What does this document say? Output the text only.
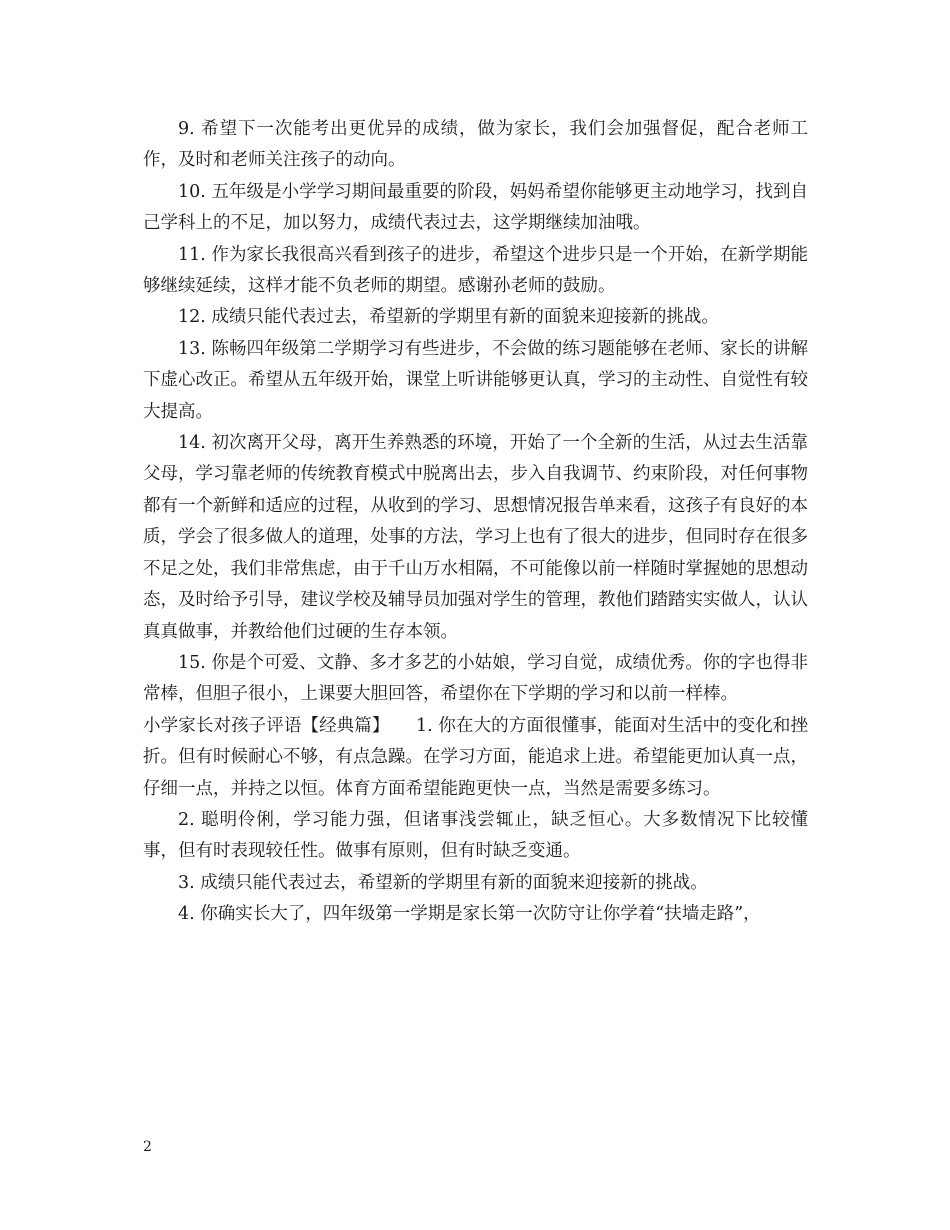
9. 希望下一次能考出更优异的成绩，做为家长，我们会加强督促，配合老师工作，及时和老师关注孩子的动向。

10. 五年级是小学学习期间最重要的阶段，妈妈希望你能够更主动地学习，找到自己学科上的不足，加以努力，成绩代表过去，这学期继续加油哦。

11. 作为家长我很高兴看到孩子的进步，希望这个进步只是一个开始，在新学期能够继续延续，这样才能不负老师的期望。感谢孙老师的鼓励。

12. 成绩只能代表过去，希望新的学期里有新的面貌来迎接新的挑战。

13. 陈畅四年级第二学期学习有些进步，不会做的练习题能够在老师、家长的讲解下虚心改正。希望从五年级开始，课堂上听讲能够更认真，学习的主动性、自觉性有较大提高。

14. 初次离开父母，离开生养熟悉的环境，开始了一个全新的生活，从过去生活靠父母，学习靠老师的传统教育模式中脱离出去，步入自我调节、约束阶段，对任何事物都有一个新鲜和适应的过程，从收到的学习、思想情况报告单来看，这孩子有良好的本质，学会了很多做人的道理，处事的方法，学习上也有了很大的进步，但同时存在很多不足之处，我们非常焦虑，由于千山万水相隔，不可能像以前一样随时掌握她的思想动态，及时给予引导，建议学校及辅导员加强对学生的管理，教他们踏踏实实做人，认认真真做事，并教给他们过硬的生存本领。

15. 你是个可爱、文静、多才多艺的小姑娘，学习自觉，成绩优秀。你的字也得非常棒，但胆子很小，上课要大胆回答，希望你在下学期的学习和以前一样棒。

小学家长对孩子评语【经典篇】　　1. 你在大的方面很懂事，能面对生活中的变化和挫折。但有时候耐心不够，有点急躁。在学习方面，能追求上进。希望能更加认真一点，仔细一点，并持之以恒。体育方面希望能跑更快一点，当然是需要多练习。

2. 聪明伶俐，学习能力强，但诸事浅尝辄止，缺乏恒心。大多数情况下比较懂事，但有时表现较任性。做事有原则，但有时缺乏变通。

3. 成绩只能代表过去，希望新的学期里有新的面貌来迎接新的挑战。

4. 你确实长大了，四年级第一学期是家长第一次防守让你学着“扶墙走路”，

2
